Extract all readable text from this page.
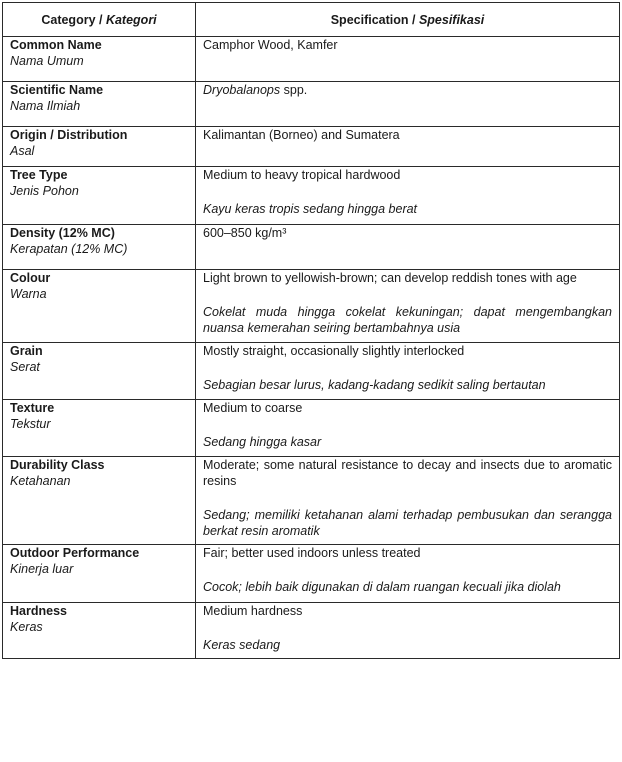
Category / Kategori	Specification / Spesifikasi

Common Name
Nama Umum	Camphor Wood, Kamfer

Scientific Name
Nama Ilmiah	Dryobalanops spp.

Origin / Distribution
Asal	Kalimantan (Borneo) and Sumatera

Tree Type
Jenis Pohon	Medium to heavy tropical hardwood
Kayu keras tropis sedang hingga berat

Density (12% MC)
Kerapatan (12% MC)	600–850 kg/m³

Colour
Warna	Light brown to yellowish-brown; can develop reddish tones with age
Cokelat muda hingga cokelat kekuningan; dapat mengembangkan nuansa kemerahan seiring bertambahnya usia

Grain
Serat	Mostly straight, occasionally slightly interlocked
Sebagian besar lurus, kadang-kadang sedikit saling bertautan

Texture
Tekstur	Medium to coarse
Sedang hingga kasar

Durability Class
Ketahanan	Moderate; some natural resistance to decay and insects due to aromatic resins
Sedang; memiliki ketahanan alami terhadap pembusukan dan serangga berkat resin aromatik

Outdoor Performance
Kinerja luar	Fair; better used indoors unless treated
Cocok; lebih baik digunakan di dalam ruangan kecuali jika diolah

Hardness
Keras	Medium hardness
Keras sedang
